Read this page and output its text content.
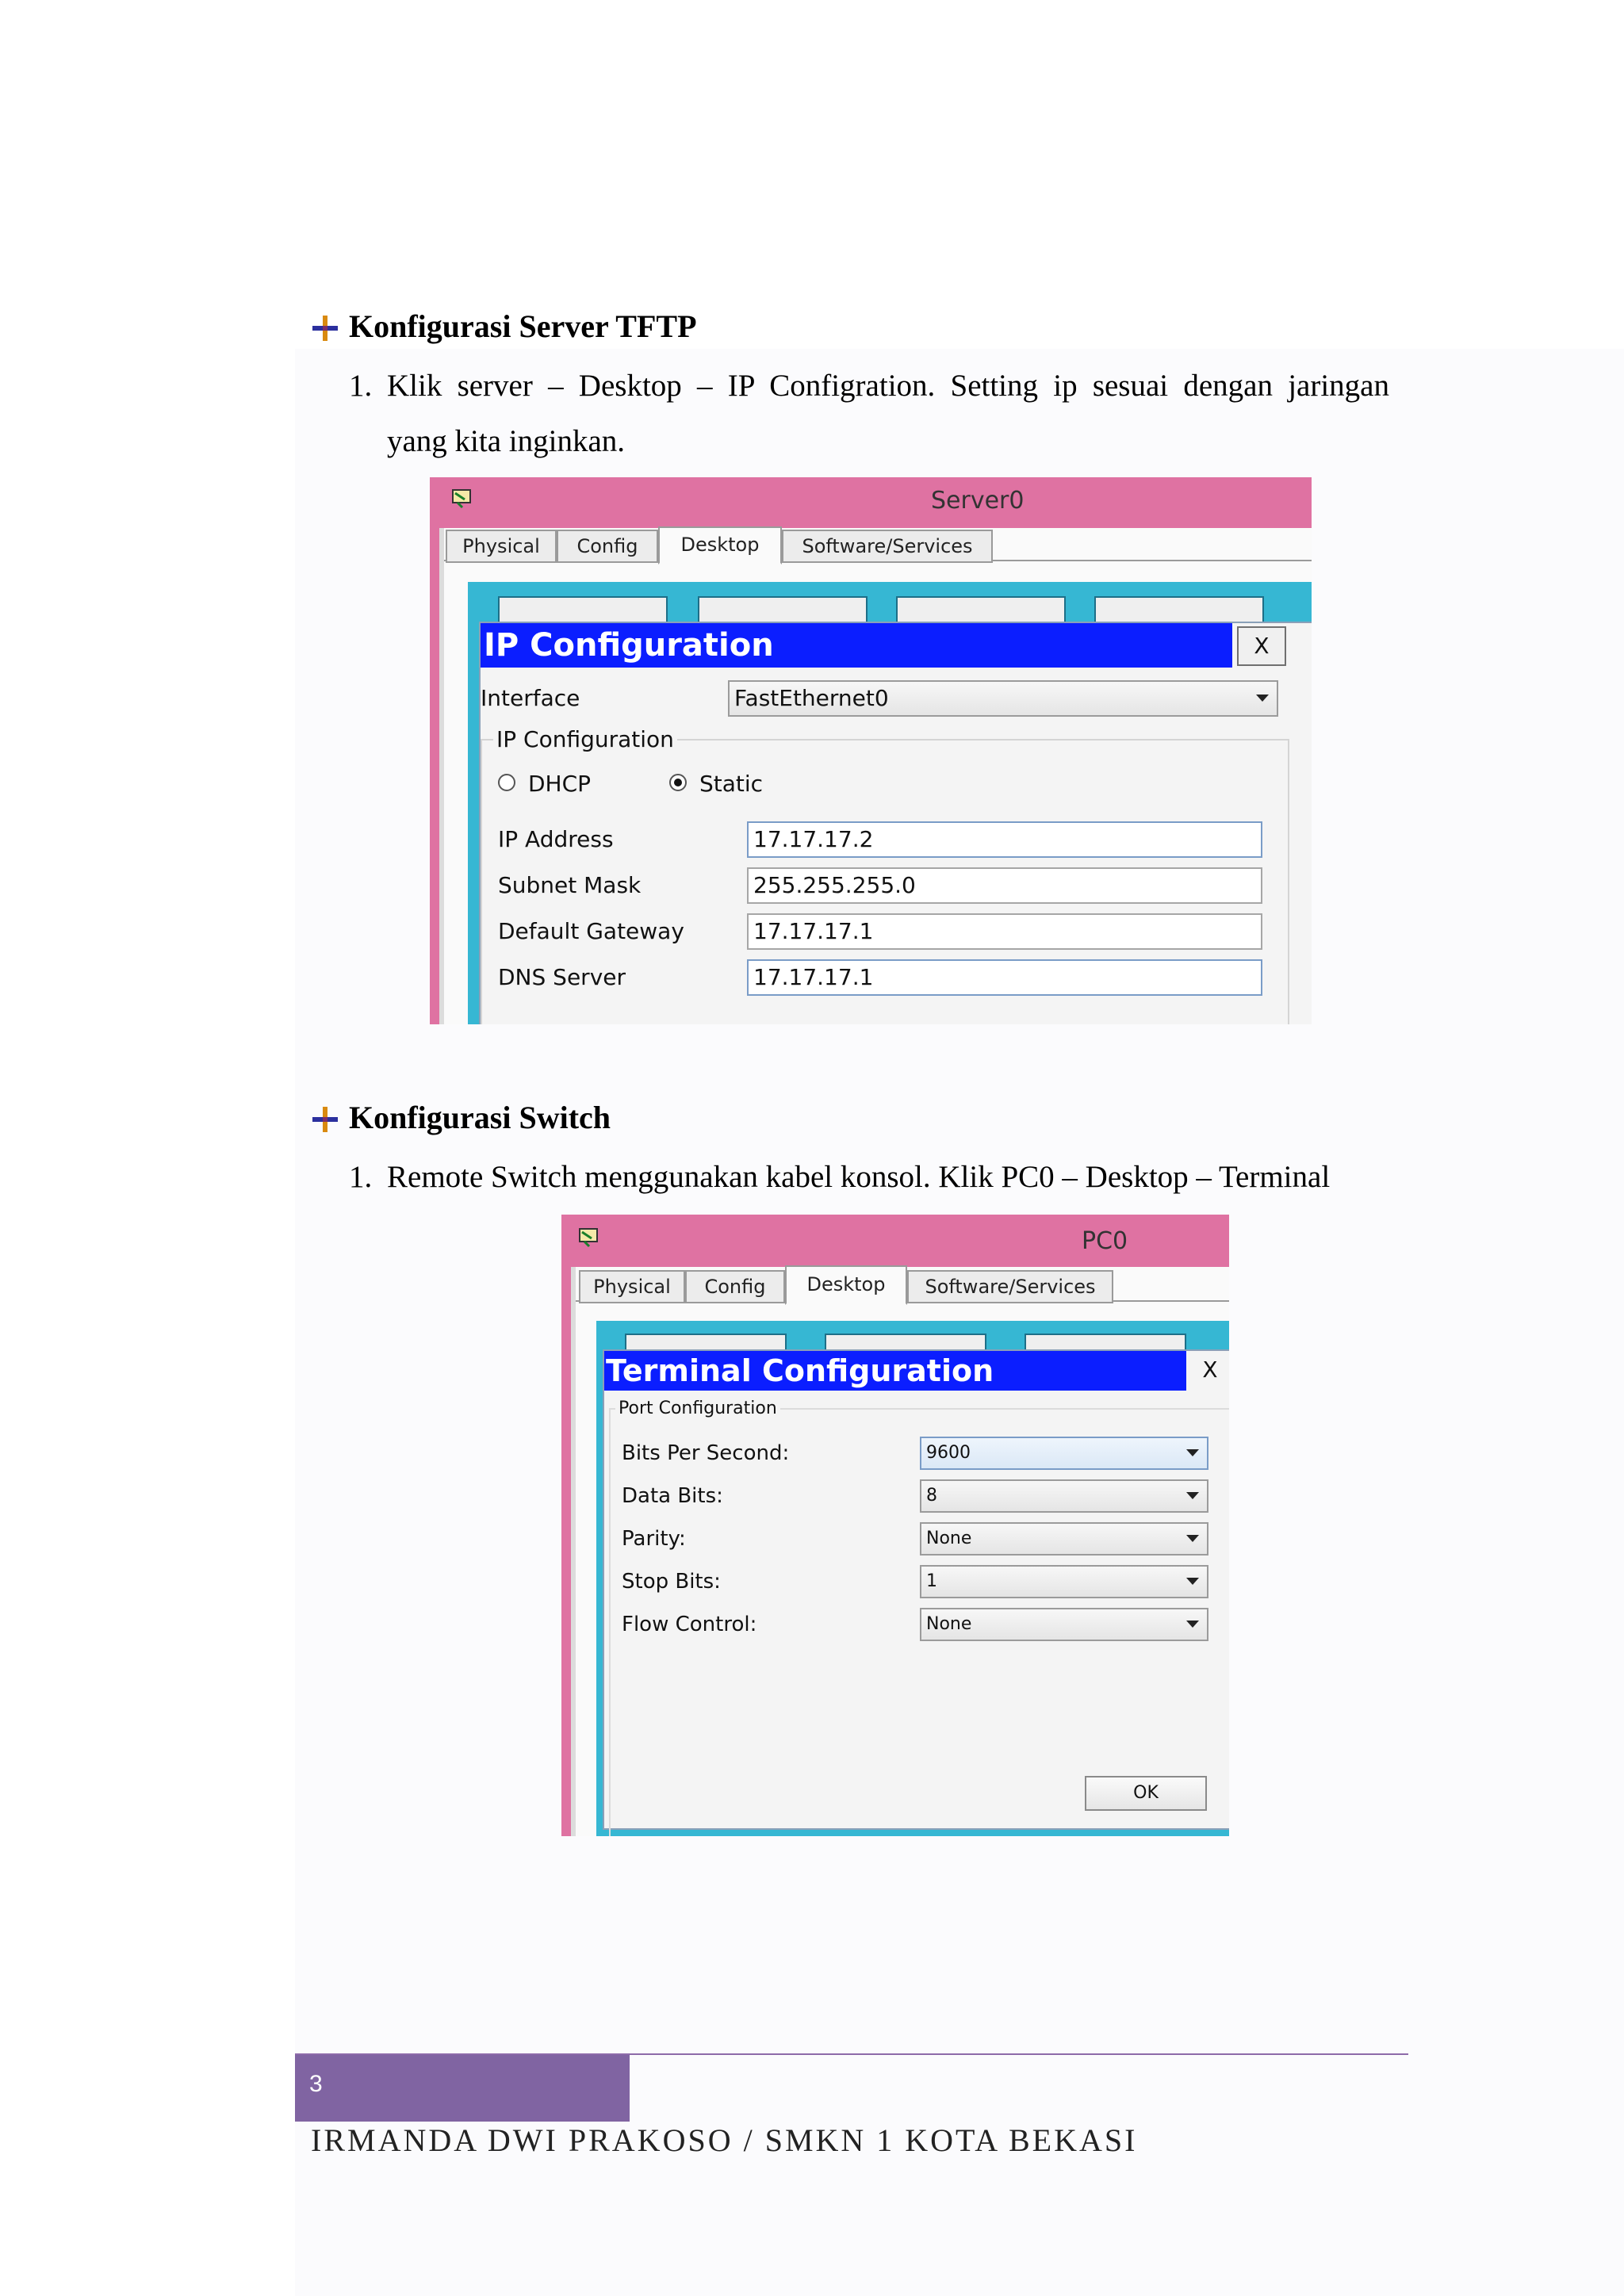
Konfigurasi Server TFTP
1. Klik server – Desktop – IP Configration. Setting ip sesuai dengan jaringan
yang kita inginkan.
Server0
Physical	Config	Desktop	Software/Services
IP Configuration	X
Interface	FastEthernet0
IP Configuration
DHCP	Static
IP Address	17.17.17.2
Subnet Mask	255.255.255.0
Default Gateway	17.17.17.1
DNS Server	17.17.17.1
Konfigurasi Switch
1. Remote Switch menggunakan kabel konsol. Klik PC0 – Desktop – Terminal
PC0
Physical	Config	Desktop	Software/Services
Terminal Configuration	X
Port Configuration
Bits Per Second:	9600
Data Bits:	8
Parity:	None
Stop Bits:	1
Flow Control:	None
OK
3
IRMANDA DWI PRAKOSO / SMKN 1 KOTA BEKASI
